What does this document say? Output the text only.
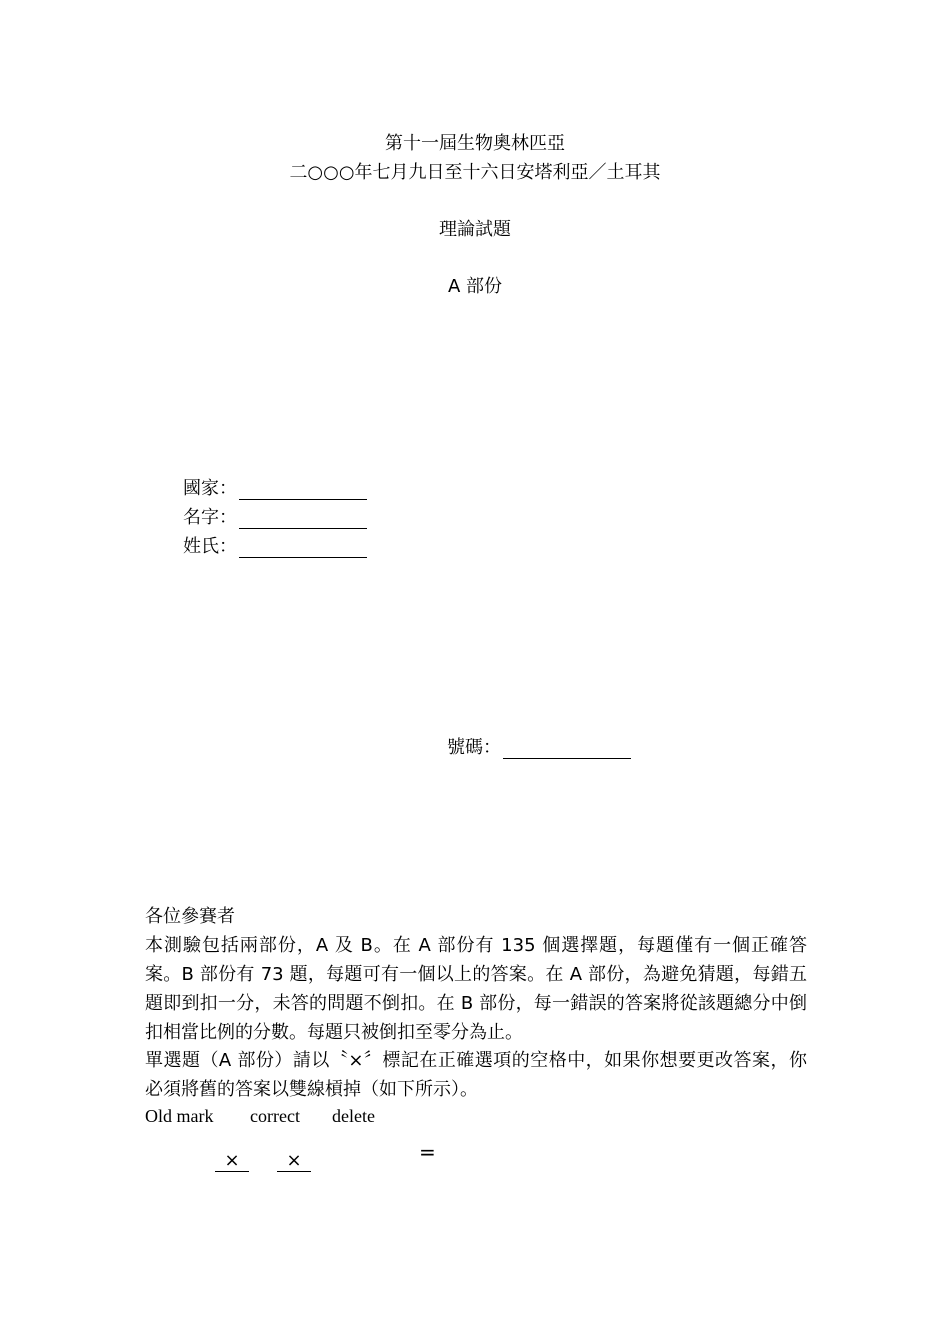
第十一屆生物奧林匹亞
二○○○年七月九日至十六日安塔利亞／土耳其
理論試題
A 部份
國家：
名字：
姓氏：
號碼：
各位參賽者
本測驗包括兩部份，A 及 B。在 A 部份有 135 個選擇題，每題僅有一個正確答案。B 部份有 73 題，每題可有一個以上的答案。在 A 部份，為避免猜題，每錯五題即到扣一分，未答的問題不倒扣。在 B 部份，每一錯誤的答案將從該題總分中倒扣相當比例的分數。每題只被倒扣至零分為止。
單選題（A 部份）請以〝×〞標記在正確選項的空格中，如果你想要更改答案，你必須將舊的答案以雙線槓掉（如下所示）。
Old mark correct delete
×	×	=
